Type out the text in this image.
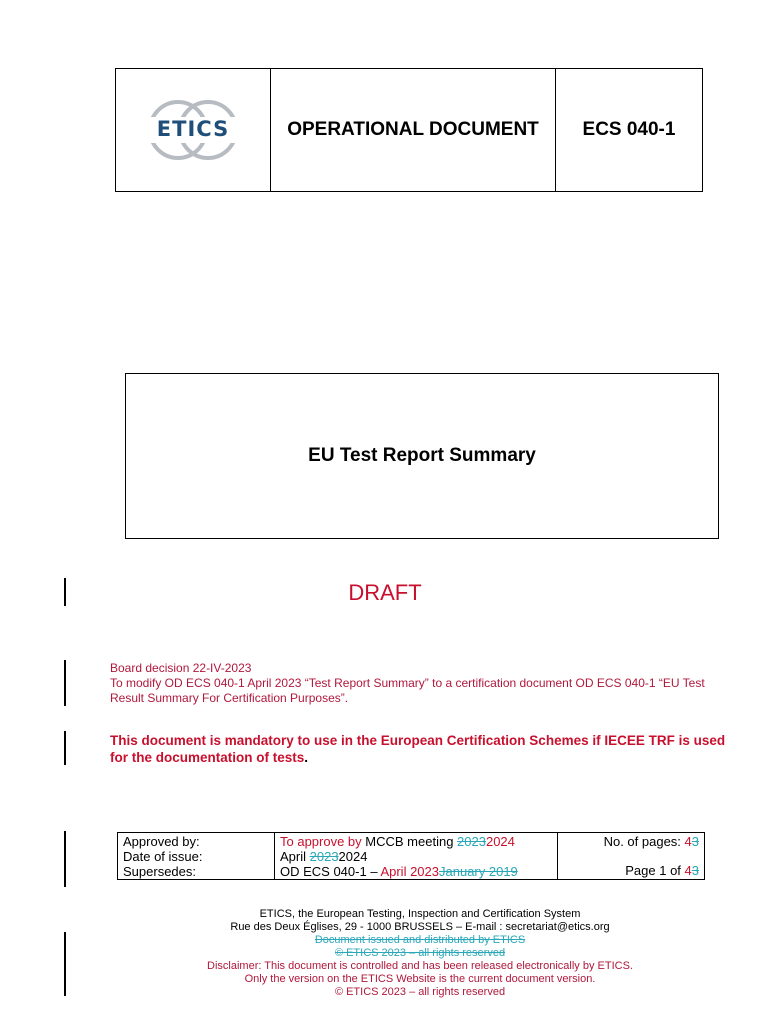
ETICS	OPERATIONAL DOCUMENT	ECS 040-1
EU Test Report Summary
DRAFT
Board decision 22-IV-2023
To modify OD ECS 040-1 April 2023 “Test Report Summary” to a certification document OD ECS 040-1 “EU Test Result Summary For Certification Purposes”.
This document is mandatory to use in the European Certification Schemes if IECEE TRF is used for the documentation of tests.
Approved by:
Date of issue:
Supersedes:
To approve by MCCB meeting 20232024
April 20232024
OD ECS 040-1 – April 2023January 2019
No. of pages: 43
Page 1 of 43
ETICS, the European Testing, Inspection and Certification System
Rue des Deux Églises, 29 - 1000 BRUSSELS – E-mail : secretariat@etics.org
Document issued and distributed by ETICS
© ETICS 2023 – all rights reserved
Disclaimer: This document is controlled and has been released electronically by ETICS.
Only the version on the ETICS Website is the current document version.
© ETICS 2023 – all rights reserved
